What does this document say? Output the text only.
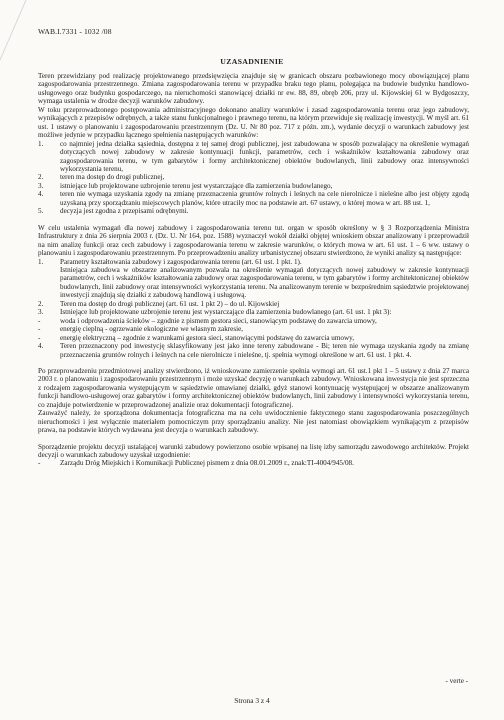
WAB.I.7331 - 1032 /08
UZASADNIENIE

Teren przewidziany pod realizację projektowanego przedsięwzięcia znajduje się w granicach obszaru pozbawionego mocy obowiązującej planu zagospodarowania przestrzennego. Zmiana zagospodarowania terenu w przypadku braku tego planu, polegająca na budowie budynku handlowo-usługowego oraz budynku gospodarczego, na nieruchomości stanowiącej działki nr ew. 88, 89, obręb 206, przy ul. Kijowskiej 61 w Bydgoszczy, wymaga ustalenia w drodze decyzji warunków zabudowy.

W toku przeprowadzonego postępowania administracyjnego dokonano analizy warunków i zasad zagospodarowania terenu oraz jego zabudowy, wynikających z przepisów odrębnych, a także stanu funkcjonalnego i prawnego terenu, na którym przewiduje się realizację inwestycji. W myśl art. 61 ust. 1 ustawy o planowaniu i zagospodarowaniu przestrzennym (Dz. U. Nr 80 poz. 717 z późn. zm.), wydanie decyzji o warunkach zabudowy jest możliwe jedynie w przypadku łącznego spełnienia następujących warunków:

1. co najmniej jedna działka sąsiednia, dostępna z tej samej drogi publicznej, jest zabudowana w sposób pozwalający na określenie wymagań dotyczących nowej zabudowy w zakresie kontynuacji funkcji, parametrów, cech i wskaźników kształtowania zabudowy oraz zagospodarowania terenu, w tym gabarytów i formy architektonicznej obiektów budowlanych, linii zabudowy oraz intensywności wykorzystania terenu,
2. teren ma dostęp do drogi publicznej,
3. istniejące lub projektowane uzbrojenie terenu jest wystarczające dla zamierzenia budowlanego,
4. teren nie wymaga uzyskania zgody na zmianę przeznaczenia gruntów rolnych i leśnych na cele nierolnicze i nieleśne albo jest objęty zgodą uzyskaną przy sporządzaniu miejscowych planów, które utraciły moc na podstawie art. 67 ustawy, o której mowa w art. 88 ust. 1,
5. decyzja jest zgodna z przepisami odrębnymi.

W celu ustalenia wymagań dla nowej zabudowy i zagospodarowania terenu tut. organ w sposób określony w § 3 Rozporządzenia Ministra Infrastruktury z dnia 26 sierpnia 2003 r. (Dz. U. Nr 164, poz. 1588) wyznaczył wokół działki objętej wnioskiem obszar analizowany i przeprowadził na nim analizę funkcji oraz cech zabudowy i zagospodarowania terenu w zakresie warunków, o których mowa w art. 61 ust. 1 – 6 ww. ustawy o planowaniu i zagospodarowaniu przestrzennym. Po przeprowadzeniu analizy urbanistycznej obszaru stwierdzono, że wyniki analizy są następujące:

1. Parametry kształtowania zabudowy i zagospodarowania terenu (art. 61 ust. 1 pkt. 1).

Istniejąca zabudowa w obszarze analizowanym pozwala na określenie wymagań dotyczących nowej zabudowy w zakresie kontynuacji parametrów, cech i wskaźników kształtowania zabudowy oraz zagospodarowania terenu, w tym gabarytów i formy architektonicznej obiektów budowlanych, linii zabudowy oraz intensywności wykorzystania terenu. Na analizowanym terenie w bezpośrednim sąsiedztwie projektowanej inwestycji znajdują się działki z zabudową handlową i usługową.

2. Teren ma dostęp do drogi publicznej (art. 61 ust. 1 pkt 2) – do ul. Kijowskiej
3. Istniejące lub projektowane uzbrojenie terenu jest wystarczające dla zamierzenia budowlanego (art. 61 ust. 1 pkt 3):
-	woda i odprowadzenia ścieków – zgodnie z pismem gestora sieci, stanowiącym podstawę do zawarcia umowy,
-	energię cieplną - ogrzewanie ekologiczne we własnym zakresie,
-	energię elektryczną – zgodnie z warunkami gestora sieci, stanowiącymi podstawę do zawarcia umowy,
4. Teren przeznaczony pod inwestycję sklasyfikowany jest jako inne tereny zabudowane - Bi; teren nie wymaga uzyskania zgody na zmianę przeznaczenia gruntów rolnych i leśnych na cele nierolnicze i nieleśne, tj. spełnia wymogi określone w art. 61 ust. 1 pkt. 4.

Po przeprowadzeniu przedmiotowej analizy stwierdzono, iż wnioskowane zamierzenie spełnia wymogi art. 61 ust.1 pkt 1 – 5 ustawy z dnia 27 marca 2003 r. o planowaniu i zagospodarowaniu przestrzennym i może uzyskać decyzję o warunkach zabudowy. Wnioskowana inwestycja nie jest sprzeczna z rodzajem zagospodarowania występującym w sąsiedztwie omawianej działki, gdyż stanowi kontynuację występującej w obszarze analizowanym funkcji handlowo-usługowej oraz gabarytów i formy architektonicznej obiektów budowlanych, linii zabudowy i intensywności wykorzystania terenu, co znajduje potwierdzenie w przeprowadzonej analizie oraz dokumentacji fotograficznej.

Zauważyć należy, że sporządzona dokumentacja fotograficzna ma na celu uwidocznienie faktycznego stanu zagospodarowania poszczególnych nieruchomości i jest wyłącznie materiałem pomocniczym przy sporządzaniu analizy. Nie jest natomiast obowiązkiem wynikającym z przepisów prawa, na podstawie których wydawana jest decyzja o warunkach zabudowy.

Sporządzenie projektu decyzji ustalającej warunki zabudowy powierzono osobie wpisanej na listę izby samorządu zawodowego architektów. Projekt decyzji o warunkach zabudowy uzyskał uzgodnienie:

-	Zarządu Dróg Miejskich i Komunikacji Publicznej pismem z dnia 08.01.2009 r., znak:TI-4004/945/08.
- verte -
Strona 3 z 4
